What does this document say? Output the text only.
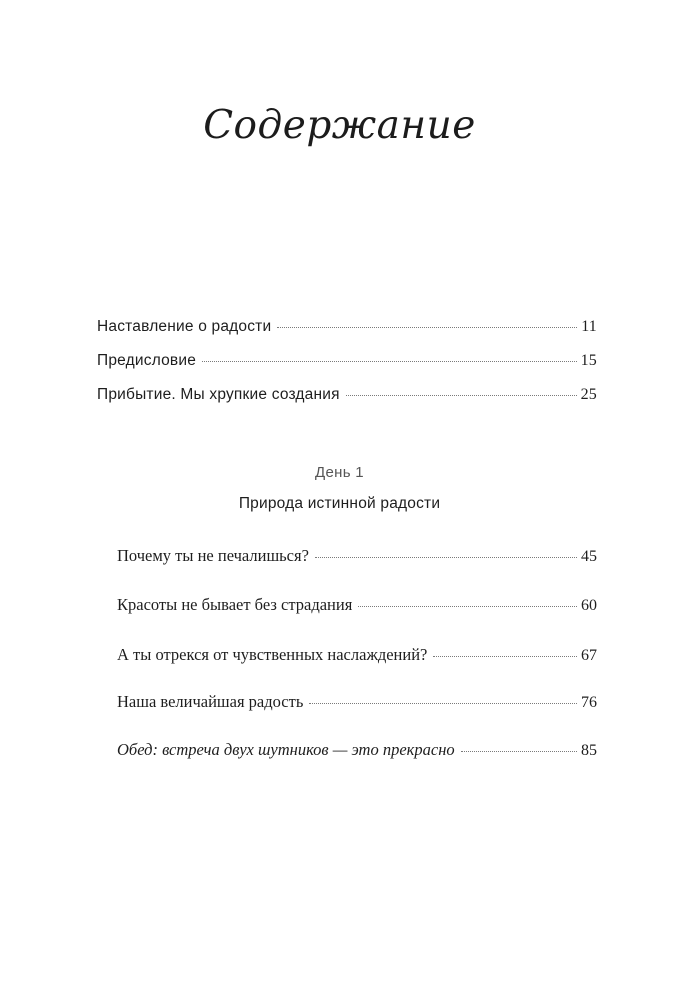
Содержание
Наставление о радости	11
Предисловие	15
Прибытие. Мы хрупкие создания	25
День 1
Природа истинной радости
Почему ты не печалишься?	45
Красоты не бывает без страдания	60
А ты отрекся от чувственных наслаждений?	67
Наша величайшая радость	76
Обед: встреча двух шутников — это прекрасно	85
